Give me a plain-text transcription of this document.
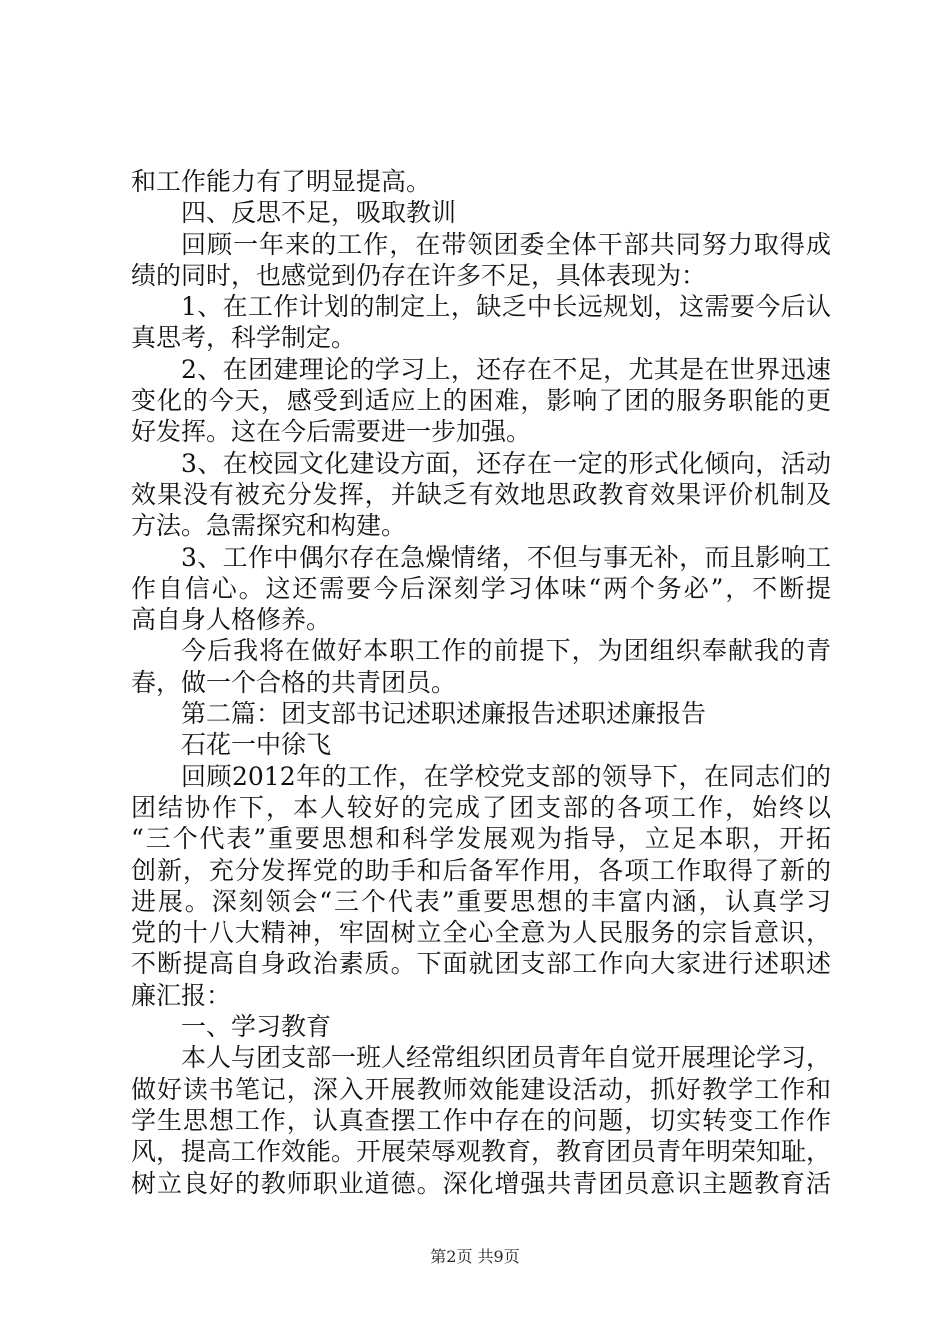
和工作能力有了明显提高。
四、反思不足，吸取教训
回顾一年来的工作，在带领团委全体干部共同努力取得成
绩的同时，也感觉到仍存在许多不足，具体表现为：
1、在工作计划的制定上，缺乏中长远规划，这需要今后认
真思考，科学制定。
2、在团建理论的学习上，还存在不足，尤其是在世界迅速
变化的今天，感受到适应上的困难，影响了团的服务职能的更
好发挥。这在今后需要进一步加强。
3、在校园文化建设方面，还存在一定的形式化倾向，活动
效果没有被充分发挥，并缺乏有效地思政教育效果评价机制及
方法。急需探究和构建。
3、工作中偶尔存在急燥情绪，不但与事无补，而且影响工
作自信心。这还需要今后深刻学习体味“两个务必”，不断提
高自身人格修养。
今后我将在做好本职工作的前提下，为团组织奉献我的青
春，做一个合格的共青团员。
第二篇：团支部书记述职述廉报告述职述廉报告
石花一中徐飞
回顾2012年的工作，在学校党支部的领导下，在同志们的
团结协作下，本人较好的完成了团支部的各项工作，始终以
“三个代表”重要思想和科学发展观为指导，立足本职，开拓
创新，充分发挥党的助手和后备军作用，各项工作取得了新的
进展。深刻领会“三个代表”重要思想的丰富内涵，认真学习
党的十八大精神，牢固树立全心全意为人民服务的宗旨意识，
不断提高自身政治素质。下面就团支部工作向大家进行述职述
廉汇报：
一、学习教育
本人与团支部一班人经常组织团员青年自觉开展理论学习，
做好读书笔记，深入开展教师效能建设活动，抓好教学工作和
学生思想工作，认真查摆工作中存在的问题，切实转变工作作
风，提高工作效能。开展荣辱观教育，教育团员青年明荣知耻，
树立良好的教师职业道德。深化增强共青团员意识主题教育活
第2页 共9页
